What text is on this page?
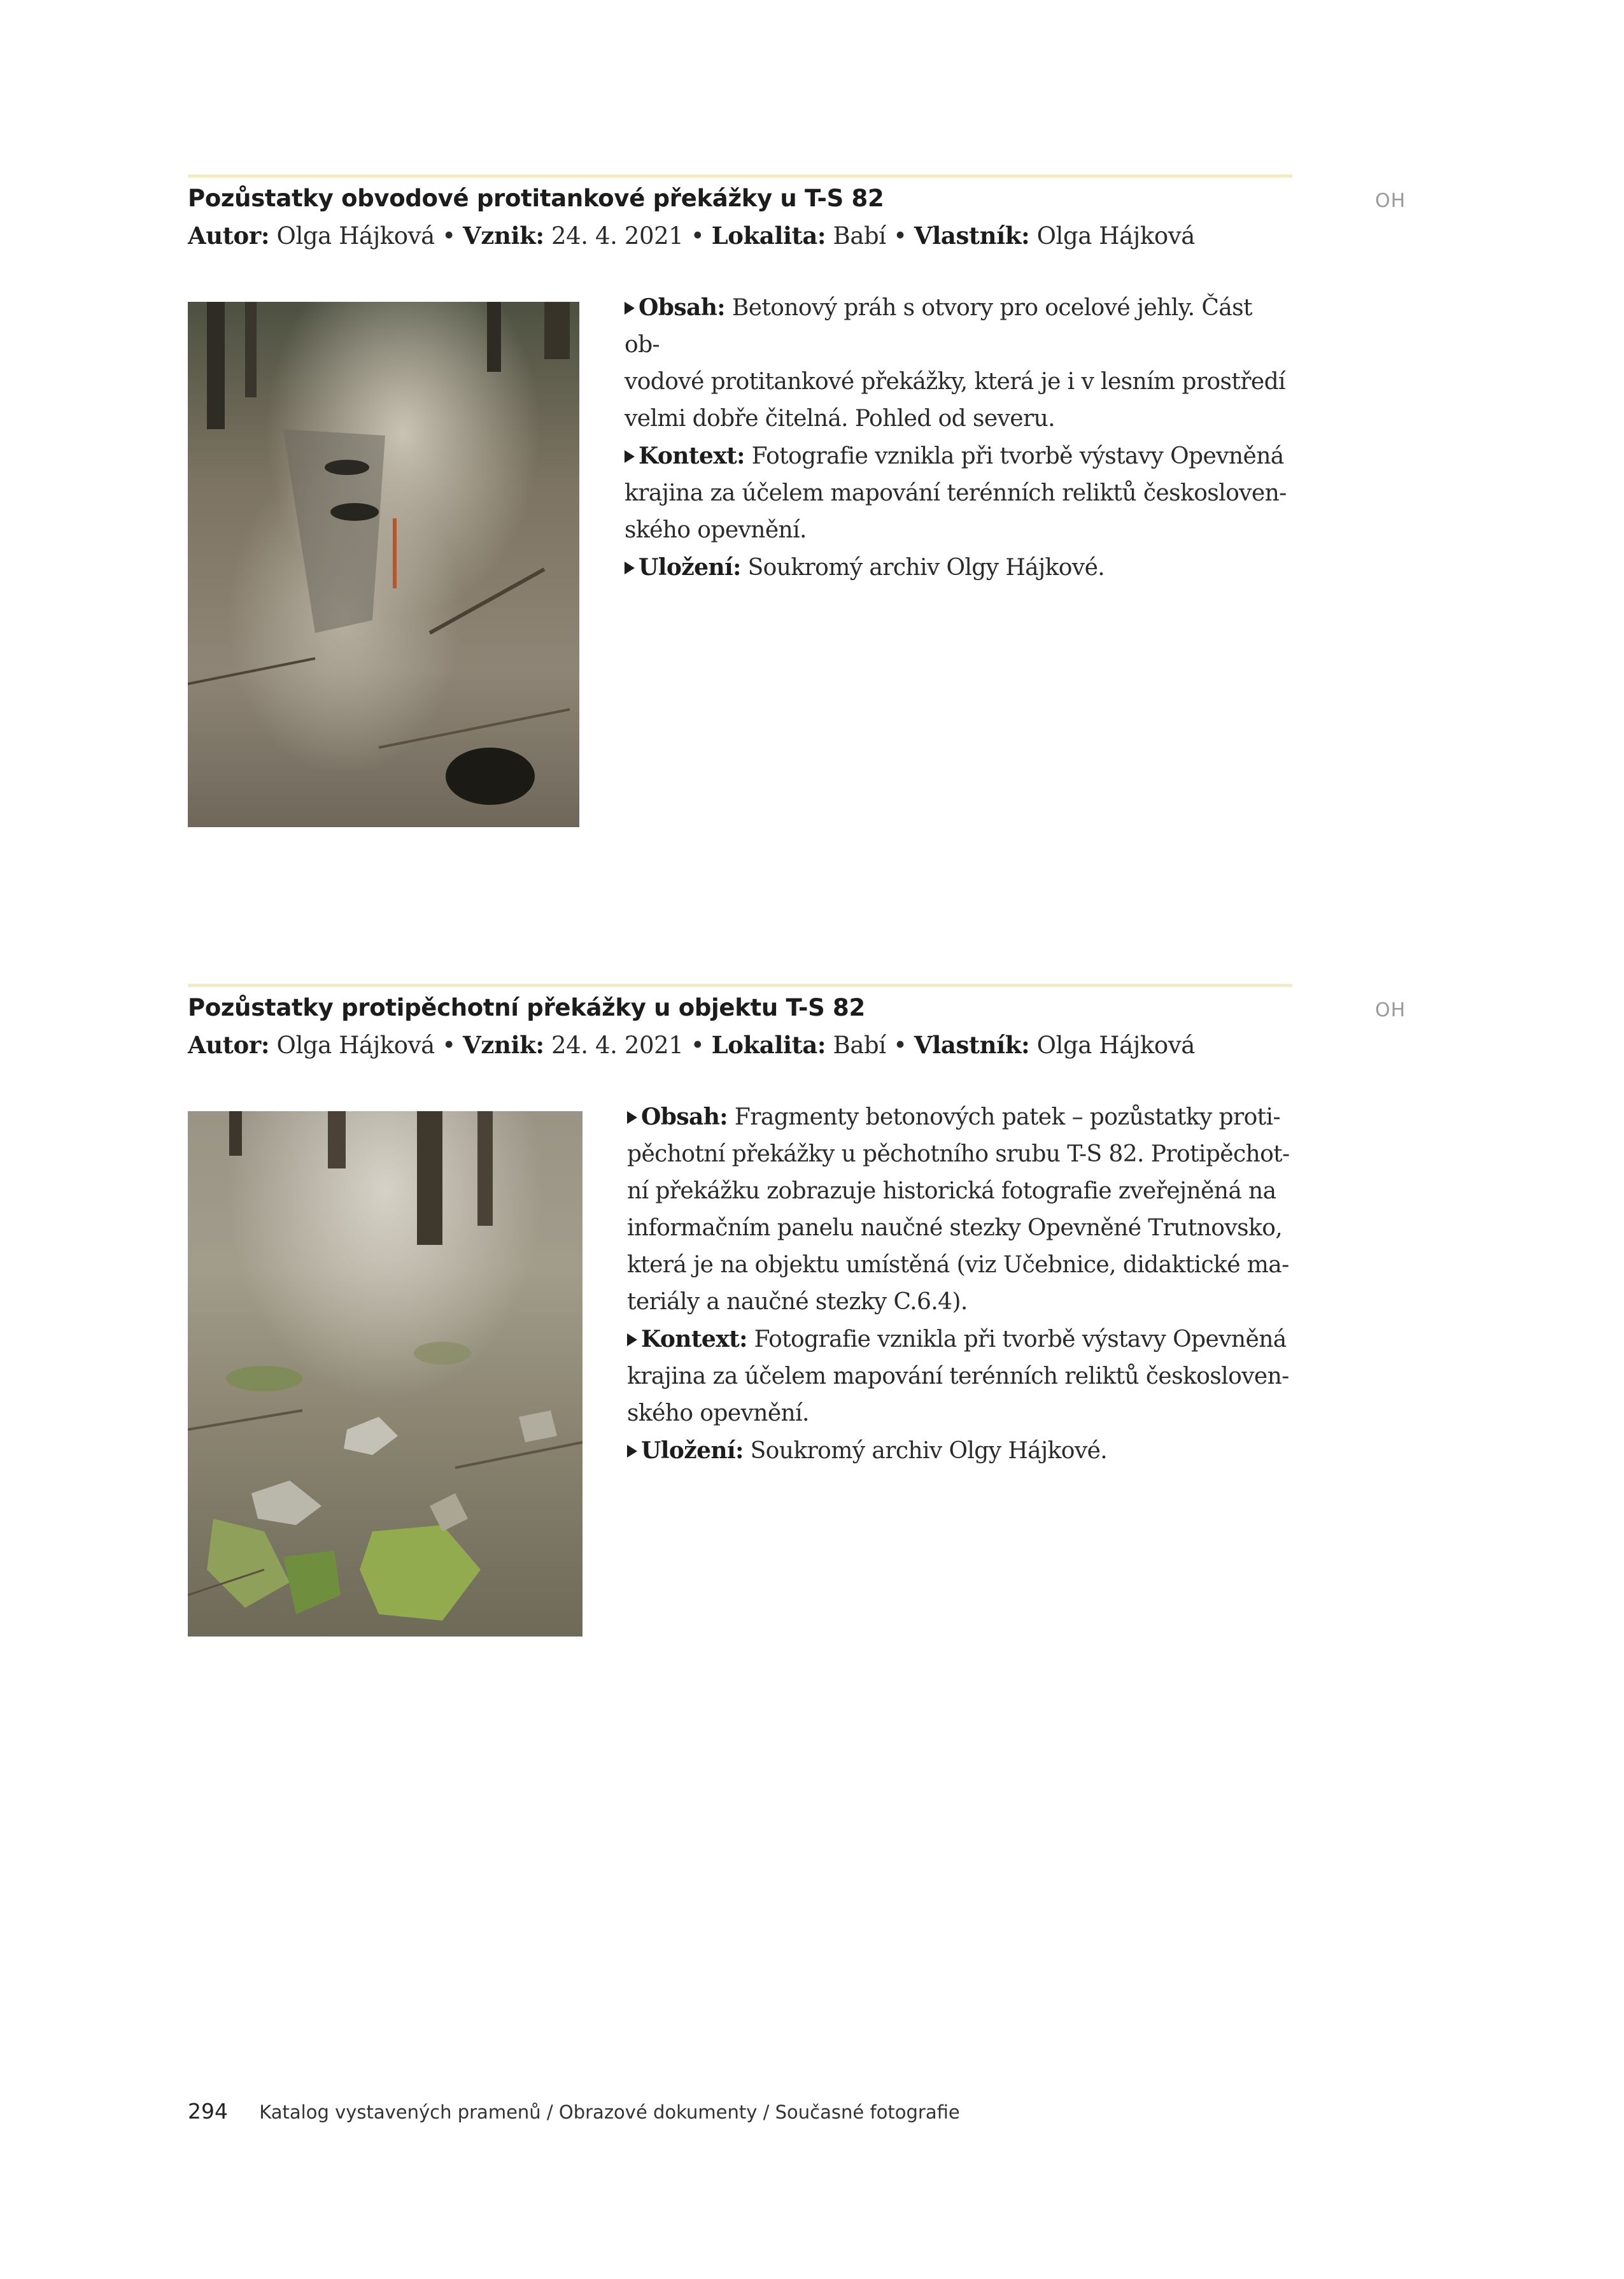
Pozůstatky obvodové protitankové překážky u T-S 82	OH
Autor: Olga Hájková • Vznik: 24. 4. 2021 • Lokalita: Babí • Vlastník: Olga Hájková

Obsah: Betonový práh s otvory pro ocelové jehly. Část ob-

vodové protitankové překážky, která je i v lesním prostředí

velmi dobře čitelná. Pohled od severu.

Kontext: Fotografie vznikla při tvorbě výstavy Opevněná

krajina za účelem mapování terénních reliktů českosloven-

ského opevnění.

Uložení: Soukromý archiv Olgy Hájkové.

Pozůstatky protipěchotní překážky u objektu T-S 82	OH
Autor: Olga Hájková • Vznik: 24. 4. 2021 • Lokalita: Babí • Vlastník: Olga Hájková

Obsah: Fragmenty betonových patek – pozůstatky proti-

pěchotní překážky u pěchotního srubu T-S 82. Protipěchot-

ní překážku zobrazuje historická fotografie zveřejněná na

informačním panelu naučné stezky Opevněné Trutnovsko,

která je na objektu umístěná (viz Učebnice, didaktické ma-

teriály a naučné stezky C.6.4).

Kontext: Fotografie vznikla při tvorbě výstavy Opevněná

krajina za účelem mapování terénních reliktů českosloven-

ského opevnění.

Uložení: Soukromý archiv Olgy Hájkové.

294 Katalog vystavených pramenů / Obrazové dokumenty / Současné fotografie
